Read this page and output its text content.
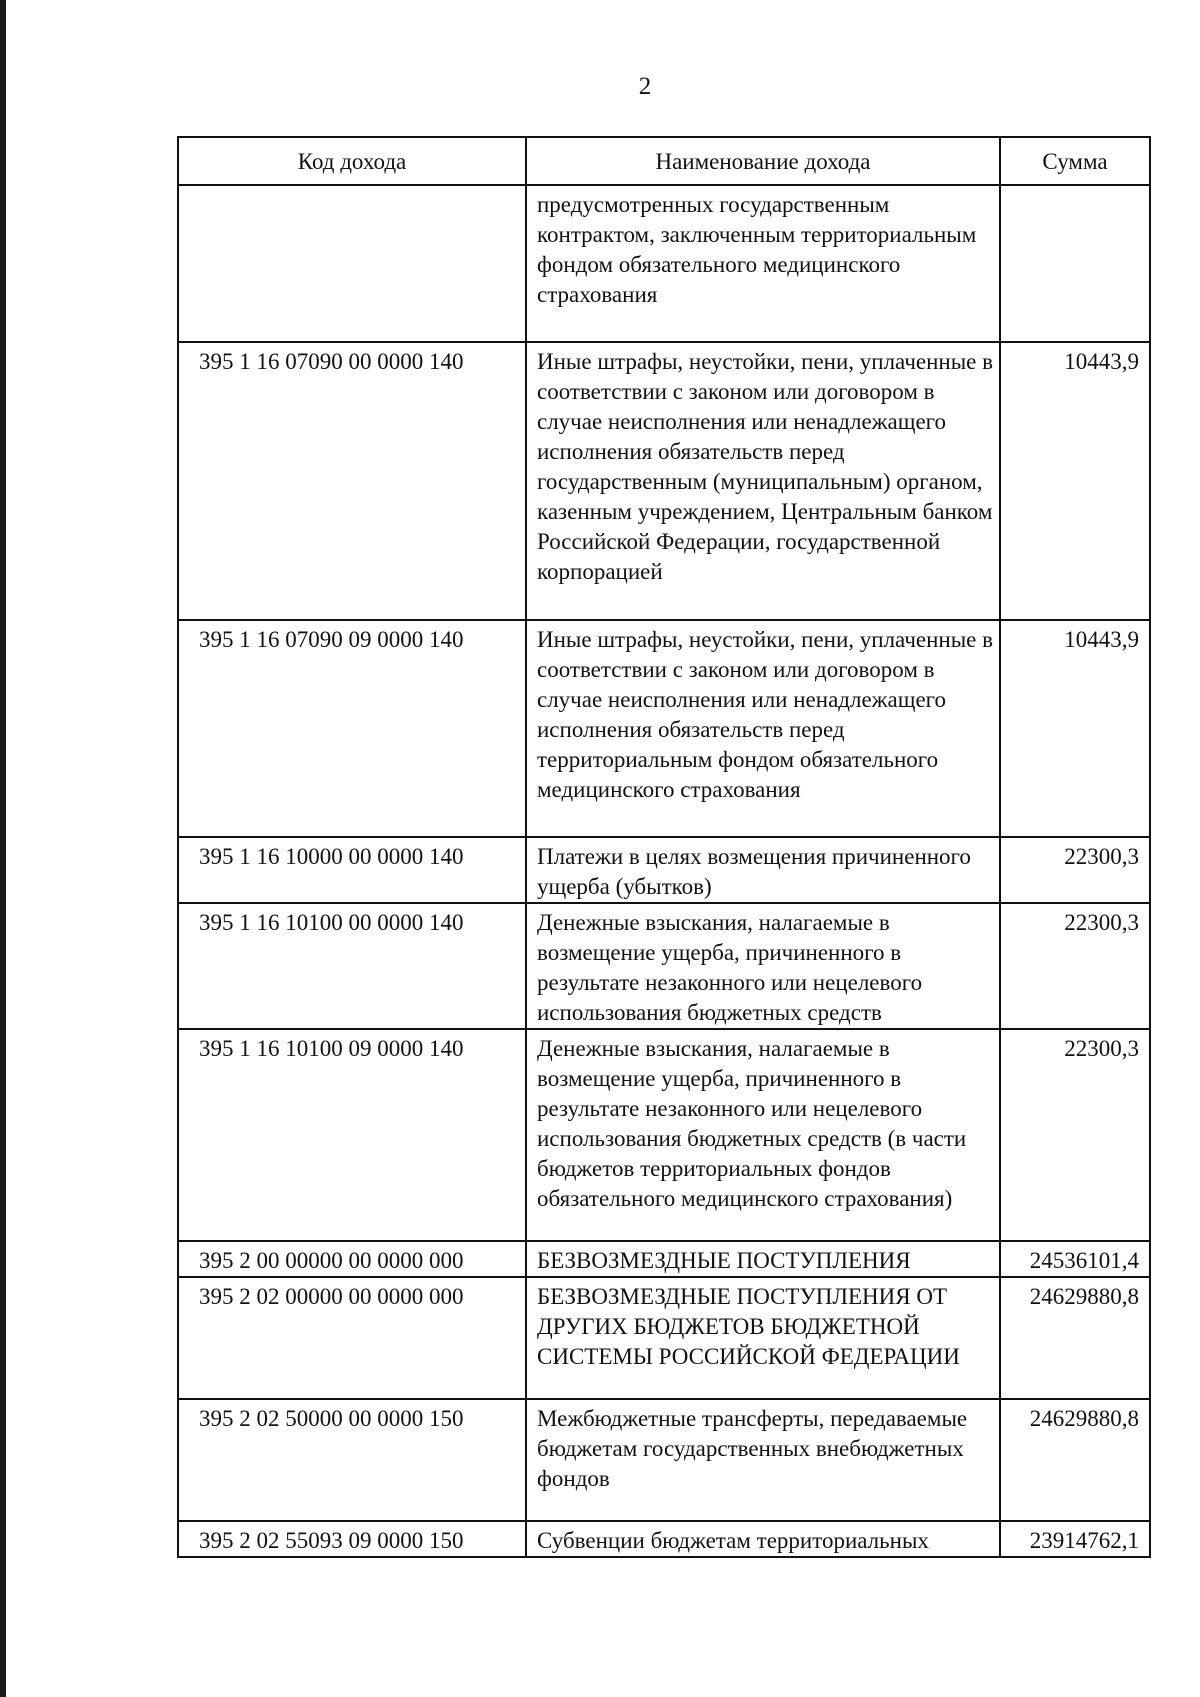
2
Код дохода	Наименование дохода	Сумма
	предусмотренных государственным контрактом, заключенным территориальным фондом обязательного медицинского страхования	
395 1 16 07090 00 0000 140	Иные штрафы, неустойки, пени, уплаченные в соответствии с законом или договором в случае неисполнения или ненадлежащего исполнения обязательств перед государственным (муниципальным) органом, казенным учреждением, Центральным банком Российской Федерации, государственной корпорацией	10443,9
395 1 16 07090 09 0000 140	Иные штрафы, неустойки, пени, уплаченные в соответствии с законом или договором в случае неисполнения или ненадлежащего исполнения обязательств перед территориальным фондом обязательного медицинского страхования	10443,9
395 1 16 10000 00 0000 140	Платежи в целях возмещения причиненного ущерба (убытков)	22300,3
395 1 16 10100 00 0000 140	Денежные взыскания, налагаемые в возмещение ущерба, причиненного в результате незаконного или нецелевого использования бюджетных средств	22300,3
395 1 16 10100 09 0000 140	Денежные взыскания, налагаемые в возмещение ущерба, причиненного в результате незаконного или нецелевого использования бюджетных средств (в части бюджетов территориальных фондов обязательного медицинского страхования)	22300,3
395 2 00 00000 00 0000 000	БЕЗВОЗМЕЗДНЫЕ ПОСТУПЛЕНИЯ	24536101,4
395 2 02 00000 00 0000 000	БЕЗВОЗМЕЗДНЫЕ ПОСТУПЛЕНИЯ ОТ ДРУГИХ БЮДЖЕТОВ БЮДЖЕТНОЙ СИСТЕМЫ РОССИЙСКОЙ ФЕДЕРАЦИИ	24629880,8
395 2 02 50000 00 0000 150	Межбюджетные трансферты, передаваемые бюджетам государственных внебюджетных фондов	24629880,8
395 2 02 55093 09 0000 150	Субвенции бюджетам территориальных	23914762,1
